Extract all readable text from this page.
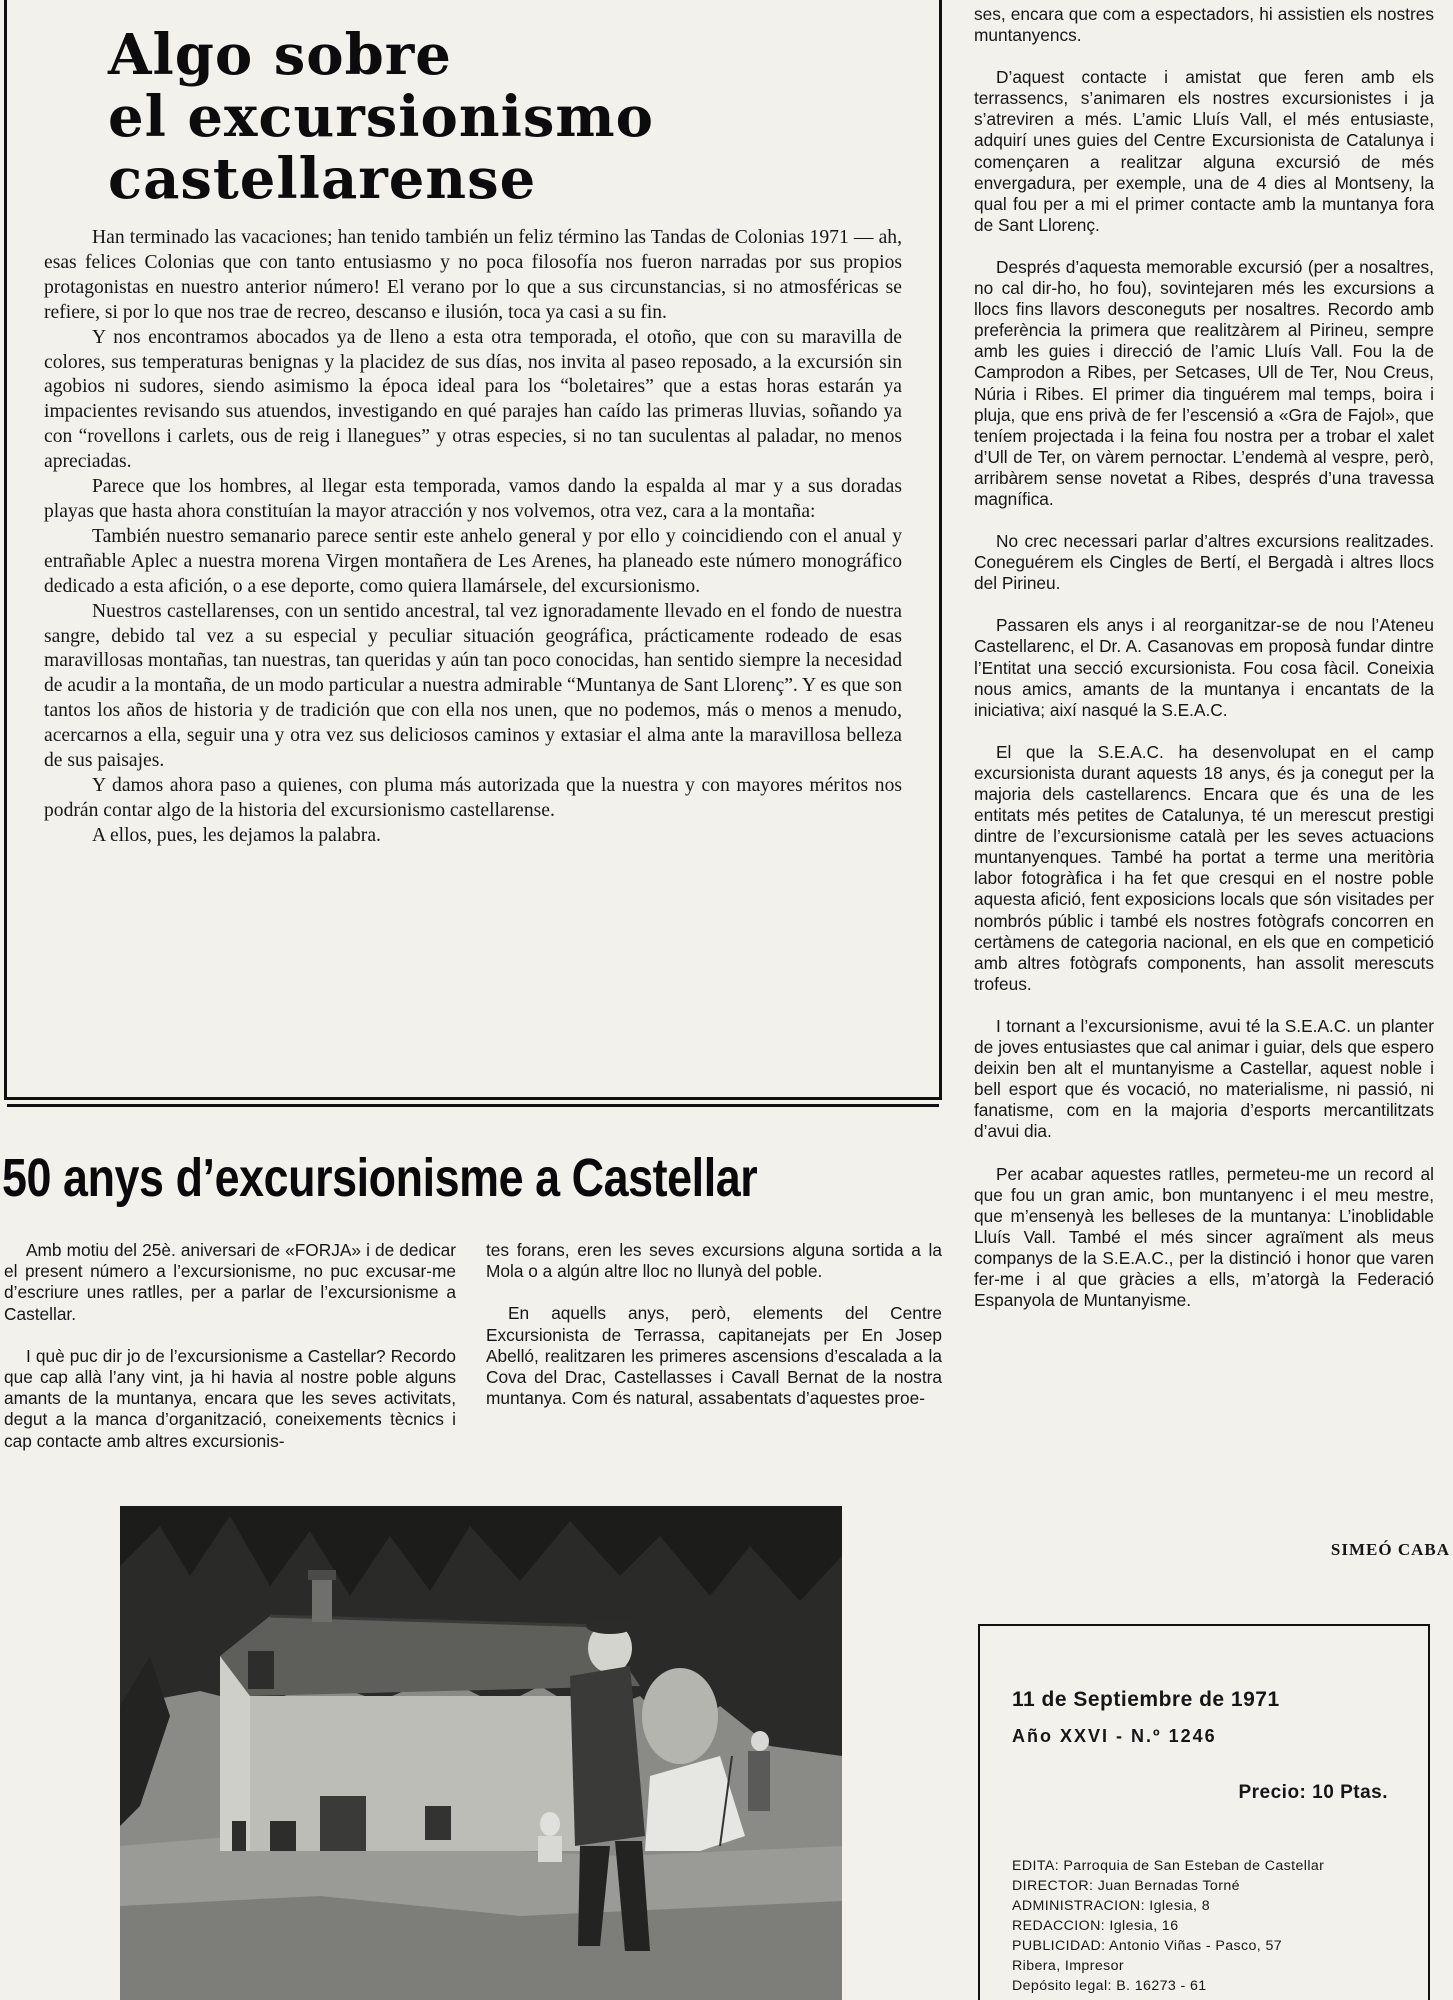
Algo sobre
el excursionismo
castellarense

Han terminado las vacaciones; han tenido también un feliz término las Tandas de Colonias 1971 — ah, esas felices Colonias que con tanto entusiasmo y no poca filosofía nos fueron narradas por sus propios protagonistas en nuestro anterior número! El verano por lo que a sus circunstancias, si no atmosféricas se refiere, si por lo que nos trae de recreo, descanso e ilusión, toca ya casi a su fin.

Y nos encontramos abocados ya de lleno a esta otra temporada, el otoño, que con su maravilla de colores, sus temperaturas benignas y la placidez de sus días, nos invita al paseo reposado, a la excursión sin agobios ni sudores, siendo asimismo la época ideal para los “boletaires” que a estas horas estarán ya impacientes revisando sus atuendos, investigando en qué parajes han caído las primeras lluvias, soñando ya con “rovellons i carlets, ous de reig i llanegues” y otras especies, si no tan suculentas al paladar, no menos apreciadas.

Parece que los hombres, al llegar esta temporada, vamos dando la espalda al mar y a sus doradas playas que hasta ahora constituían la mayor atracción y nos volvemos, otra vez, cara a la montaña:

También nuestro semanario parece sentir este anhelo general y por ello y coincidiendo con el anual y entrañable Aplec a nuestra morena Virgen montañera de Les Arenes, ha planeado este número monográfico dedicado a esta afición, o a ese deporte, como quiera llamársele, del excursionismo.

Nuestros castellarenses, con un sentido ancestral, tal vez ignoradamente llevado en el fondo de nuestra sangre, debido tal vez a su especial y peculiar situación geográfica, prácticamente rodeado de esas maravillosas montañas, tan nuestras, tan queridas y aún tan poco conocidas, han sentido siempre la necesidad de acudir a la montaña, de un modo particular a nuestra admirable “Muntanya de Sant Llorenç”. Y es que son tantos los años de historia y de tradición que con ella nos unen, que no podemos, más o menos a menudo, acercarnos a ella, seguir una y otra vez sus deliciosos caminos y extasiar el alma ante la maravillosa belleza de sus paisajes.

Y damos ahora paso a quienes, con pluma más autorizada que la nuestra y con mayores méritos nos podrán contar algo de la historia del excursionismo castellarense.

A ellos, pues, les dejamos la palabra.

ses, encara que com a espectadors, hi assistien els nostres muntanyencs.

D’aquest contacte i amistat que feren amb els terrassencs, s’animaren els nostres excursionistes i ja s’atreviren a més. L’amic Lluís Vall, el més entusiaste, adquirí unes guies del Centre Excursionista de Catalunya i començaren a realitzar alguna excursió de més envergadura, per exemple, una de 4 dies al Montseny, la qual fou per a mi el primer contacte amb la muntanya fora de Sant Llorenç.

Després d’aquesta memorable excursió (per a nosaltres, no cal dir-ho, ho fou), sovintejaren més les excursions a llocs fins llavors desconeguts per nosaltres. Recordo amb preferència la primera que realitzàrem al Pirineu, sempre amb les guies i direcció de l’amic Lluís Vall. Fou la de Camprodon a Ribes, per Setcases, Ull de Ter, Nou Creus, Núria i Ribes. El primer dia tinguérem mal temps, boira i pluja, que ens privà de fer l’escensió a «Gra de Fajol», que teníem projectada i la feina fou nostra per a trobar el xalet d’Ull de Ter, on vàrem pernoctar. L’endemà al vespre, però, arribàrem sense novetat a Ribes, després d’una travessa magnífica.

No crec necessari parlar d’altres excursions realitzades. Coneguérem els Cingles de Bertí, el Bergadà i altres llocs del Pirineu.

Passaren els anys i al reorganitzar-se de nou l’Ateneu Castellarenc, el Dr. A. Casanovas em proposà fundar dintre l’Entitat una secció excursionista. Fou cosa fàcil. Coneixia nous amics, amants de la muntanya i encantats de la iniciativa; així nasqué la S.E.A.C.

El que la S.E.A.C. ha desenvolupat en el camp excursionista durant aquests 18 anys, és ja conegut per la majoria dels castellarencs. Encara que és una de les entitats més petites de Catalunya, té un merescut prestigi dintre de l’excursionisme català per les seves actuacions muntanyenques. També ha portat a terme una meritòria labor fotogràfica i ha fet que cresqui en el nostre poble aquesta afició, fent exposicions locals que són visitades per nombrós públic i també els nostres fotògrafs concorren en certàmens de categoria nacional, en els que en competició amb altres fotògrafs components, han assolit merescuts trofeus.

I tornant a l’excursionisme, avui té la S.E.A.C. un planter de joves entusiastes que cal animar i guiar, dels que espero deixin ben alt el muntanyisme a Castellar, aquest noble i bell esport que és vocació, no materialisme, ni passió, ni fanatisme, com en la majoria d’esports mercantilitzats d’avui dia.

Per acabar aquestes ratlles, permeteu-me un record al que fou un gran amic, bon muntanyenc i el meu mestre, que m’ensenyà les belleses de la muntanya: L’inoblidable Lluís Vall. També el més sincer agraïment als meus companys de la S.E.A.C., per la distinció i honor que varen fer-me i al que gràcies a ells, m’atorgà la Federació Espanyola de Muntanyisme.

SIMEÓ CABA
50 anys d’excursionisme a Castellar

Amb motiu del 25è. aniversari de «FORJA» i de dedicar el present número a l’excursionisme, no puc excusar-me d’escriure unes ratlles, per a parlar de l’excursionisme a Castellar.

I què puc dir jo de l’excursionisme a Castellar? Recordo que cap allà l’any vint, ja hi havia al nostre poble alguns amants de la muntanya, encara que les seves activitats, degut a la manca d’organització, coneixements tècnics i cap contacte amb altres excursionis-

tes forans, eren les seves excursions alguna sortida a la Mola o a algún altre lloc no llunyà del poble.

En aquells anys, però, elements del Centre Excursionista de Terrassa, capitanejats per En Josep Abelló, realitzaren les primeres ascensions d’escalada a la Cova del Drac, Castellasses i Cavall Bernat de la nostra muntanya. Com és natural, assabentats d’aquestes proe-

11 de Septiembre de 1971
Año XXVI - N.º 1246
Precio: 10 Ptas.
EDITA: Parroquia de San Esteban de Castellar
DIRECTOR: Juan Bernadas Torné
ADMINISTRACION: Iglesia, 8
REDACCION: Iglesia, 16
PUBLICIDAD: Antonio Viñas - Pasco, 57
Ribera, Impresor
Depósito legal: B. 16273 - 61
